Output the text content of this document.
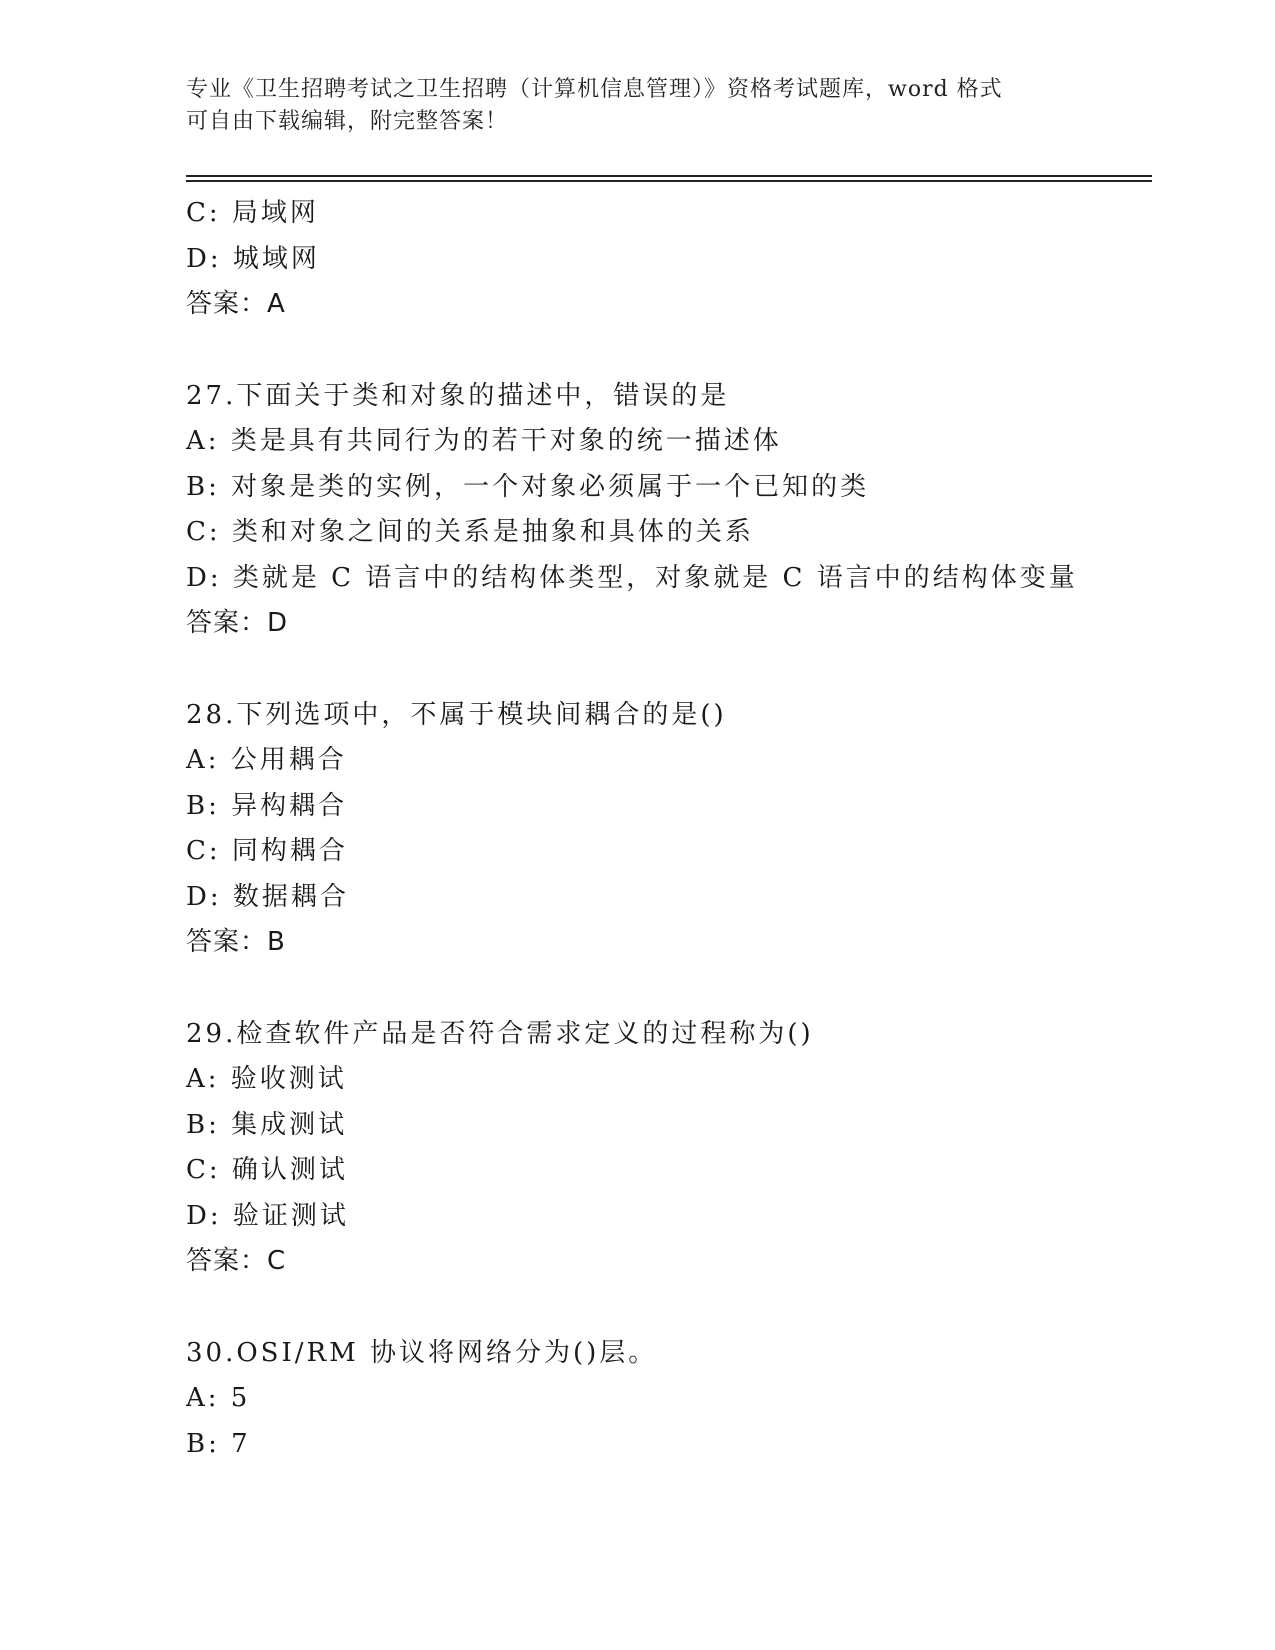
专业《卫生招聘考试之卫生招聘（计算机信息管理）》资格考试题库，word 格式
可自由下载编辑，附完整答案！
C: 局域网
D: 城域网
答案：A
27.下面关于类和对象的描述中，错误的是
A: 类是具有共同行为的若干对象的统一描述体
B: 对象是类的实例，一个对象必须属于一个已知的类
C: 类和对象之间的关系是抽象和具体的关系
D: 类就是 C 语言中的结构体类型，对象就是 C 语言中的结构体变量
答案：D
28.下列选项中，不属于模块间耦合的是()
A: 公用耦合
B: 异构耦合
C: 同构耦合
D: 数据耦合
答案：B
29.检查软件产品是否符合需求定义的过程称为()
A: 验收测试
B: 集成测试
C: 确认测试
D: 验证测试
答案：C
30.OSI/RM 协议将网络分为()层。
A: 5
B: 7
